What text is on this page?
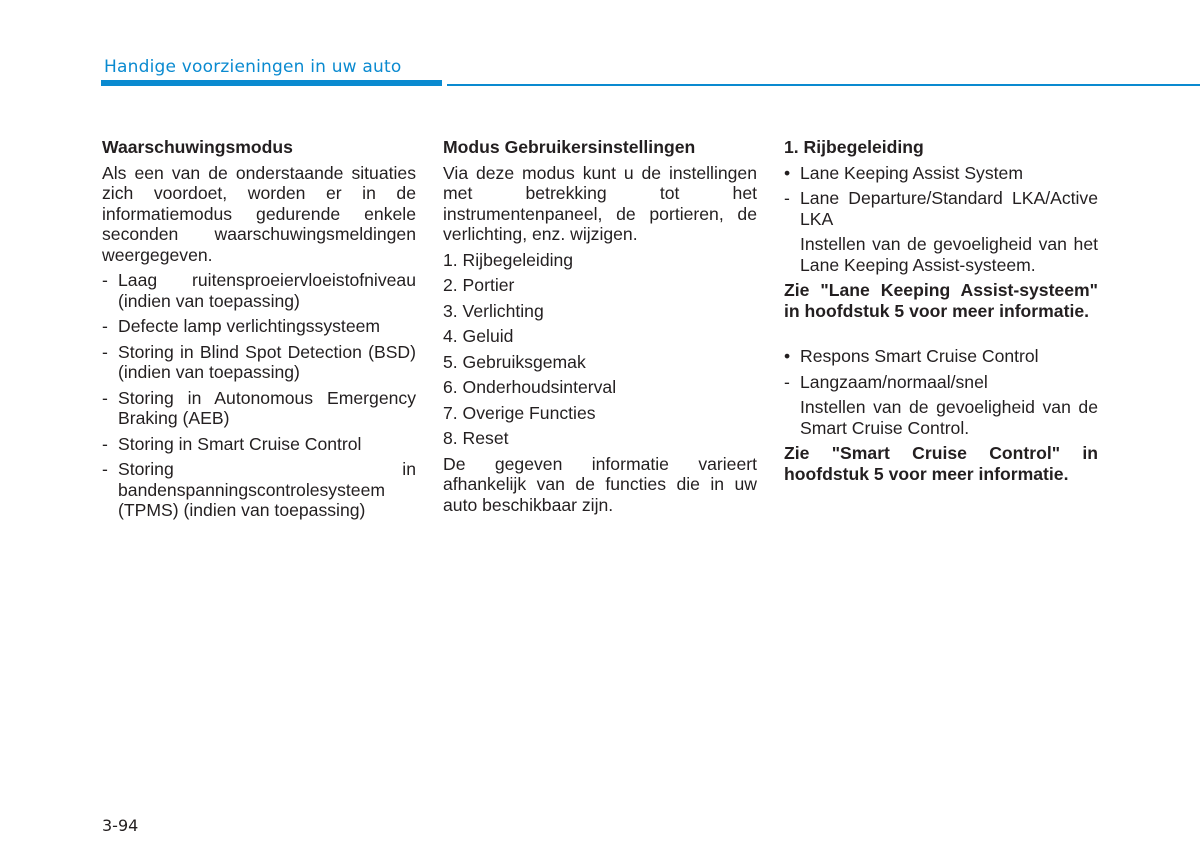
Handige voorzieningen in uw auto
Waarschuwingsmodus
Als een van de onderstaande situaties zich voordoet, worden er in de informatiemodus gedurende enkele seconden waarschuwingsmeldingen weergegeven.
- Laag ruitensproeiervloeistofniveau (indien van toepassing)
- Defecte lamp verlichtingssysteem
- Storing in Blind Spot Detection (BSD) (indien van toepassing)
- Storing in Autonomous Emergency Braking (AEB)
- Storing in Smart Cruise Control
- Storing in bandenspanningscontrolesysteem (TPMS) (indien van toepassing)
Modus Gebruikersinstellingen
Via deze modus kunt u de instellingen met betrekking tot het instrumentenpaneel, de portieren, de verlichting, enz. wijzigen.
1. Rijbegeleiding
2. Portier
3. Verlichting
4. Geluid
5. Gebruiksgemak
6. Onderhoudsinterval
7. Overige Functies
8. Reset
De gegeven informatie varieert afhankelijk van de functies die in uw auto beschikbaar zijn.
1. Rijbegeleiding
• Lane Keeping Assist System
- Lane Departure/Standard LKA/Active LKA
Instellen van de gevoeligheid van het Lane Keeping Assist-systeem.
Zie "Lane Keeping Assist-systeem" in hoofdstuk 5 voor meer informatie.
• Respons Smart Cruise Control
- Langzaam/normaal/snel
Instellen van de gevoeligheid van de Smart Cruise Control.
Zie "Smart Cruise Control" in hoofdstuk 5 voor meer informatie.
3-94
